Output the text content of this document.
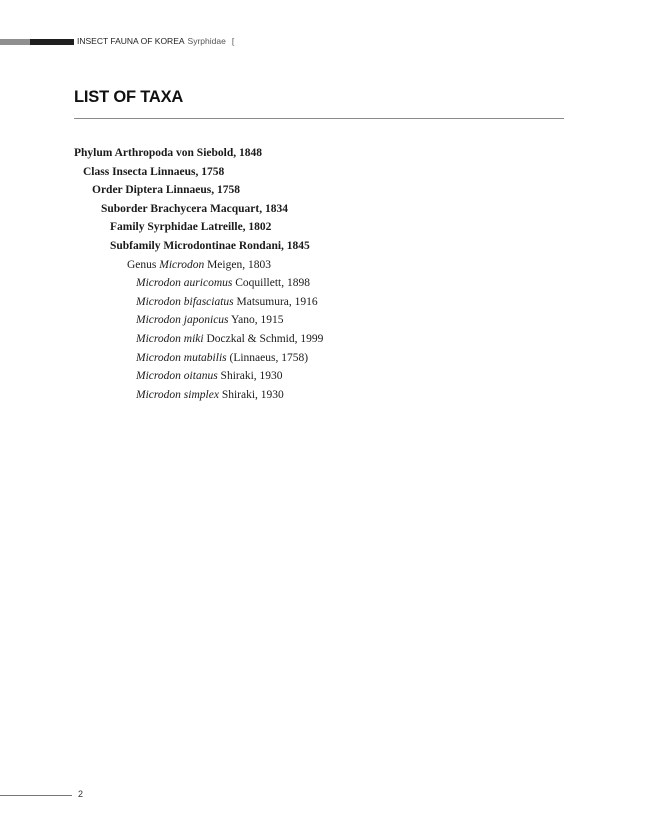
INSECT FAUNA OF KOREA Syrphidae [
LIST OF TAXA
Phylum Arthropoda von Siebold, 1848
Class Insecta Linnaeus, 1758
Order Diptera Linnaeus, 1758
Suborder Brachycera Macquart, 1834
Family Syrphidae Latreille, 1802
Subfamily Microdontinae Rondani, 1845
Genus Microdon Meigen, 1803
Microdon auricomus Coquillett, 1898
Microdon bifasciatus Matsumura, 1916
Microdon japonicus Yano, 1915
Microdon miki Doczkal & Schmid, 1999
Microdon mutabilis (Linnaeus, 1758)
Microdon oitanus Shiraki, 1930
Microdon simplex Shiraki, 1930
2
